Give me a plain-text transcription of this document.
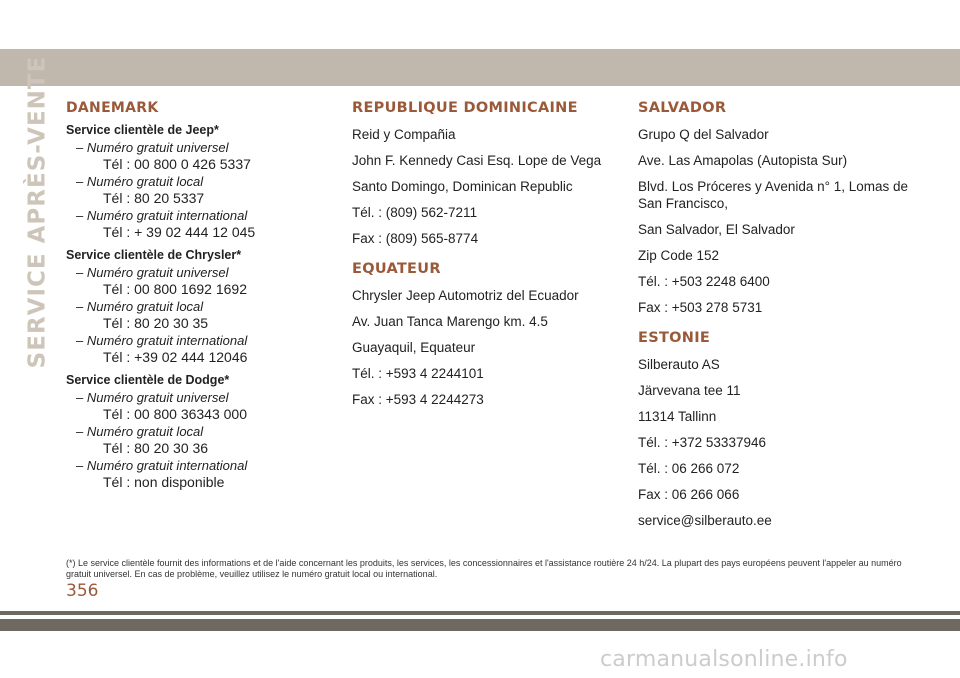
SERVICE APRÈS-VENTE DANEMARK
Service clientèle de Jeep*
– Numéro gratuit universel
Tél : 00 800 0 426 5337
– Numéro gratuit local
Tél : 80 20 5337
– Numéro gratuit international
Tél : + 39 02 444 12 045
Service clientèle de Chrysler*
– Numéro gratuit universel
Tél : 00 800 1692 1692
– Numéro gratuit local
Tél : 80 20 30 35
– Numéro gratuit international
Tél : +39 02 444 12046
Service clientèle de Dodge*
– Numéro gratuit universel
Tél : 00 800 36343 000
– Numéro gratuit local
Tél : 80 20 30 36
– Numéro gratuit international
Tél : non disponible
REPUBLIQUE DOMINICAINE
Reid y Compañia
John F. Kennedy Casi Esq. Lope de Vega
Santo Domingo, Dominican Republic
Tél. : (809) 562-7211
Fax : (809) 565-8774
EQUATEUR
Chrysler Jeep Automotriz del Ecuador
Av. Juan Tanca Marengo km. 4.5
Guayaquil, Equateur
Tél. : +593 4 2244101
Fax : +593 4 2244273
SALVADOR
Grupo Q del Salvador
Ave. Las Amapolas (Autopista Sur)
Blvd. Los Próceres y Avenida n° 1, Lomas de San Francisco,
San Salvador, El Salvador
Zip Code 152
Tél. : +503 2248 6400
Fax : +503 278 5731
ESTONIE
Silberauto AS
Järvevana tee 11
11314 Tallinn
Tél. : +372 53337946
Tél. : 06 266 072
Fax : 06 266 066
service@silberauto.ee
(*) Le service clientèle fournit des informations et de l'aide concernant les produits, les services, les concessionnaires et l'assistance routière 24 h/24. La plupart des pays européens peuvent l'appeler au numéro gratuit universel. En cas de problème, veuillez utilisez le numéro gratuit local ou international.
356
carmanualsonline.info
